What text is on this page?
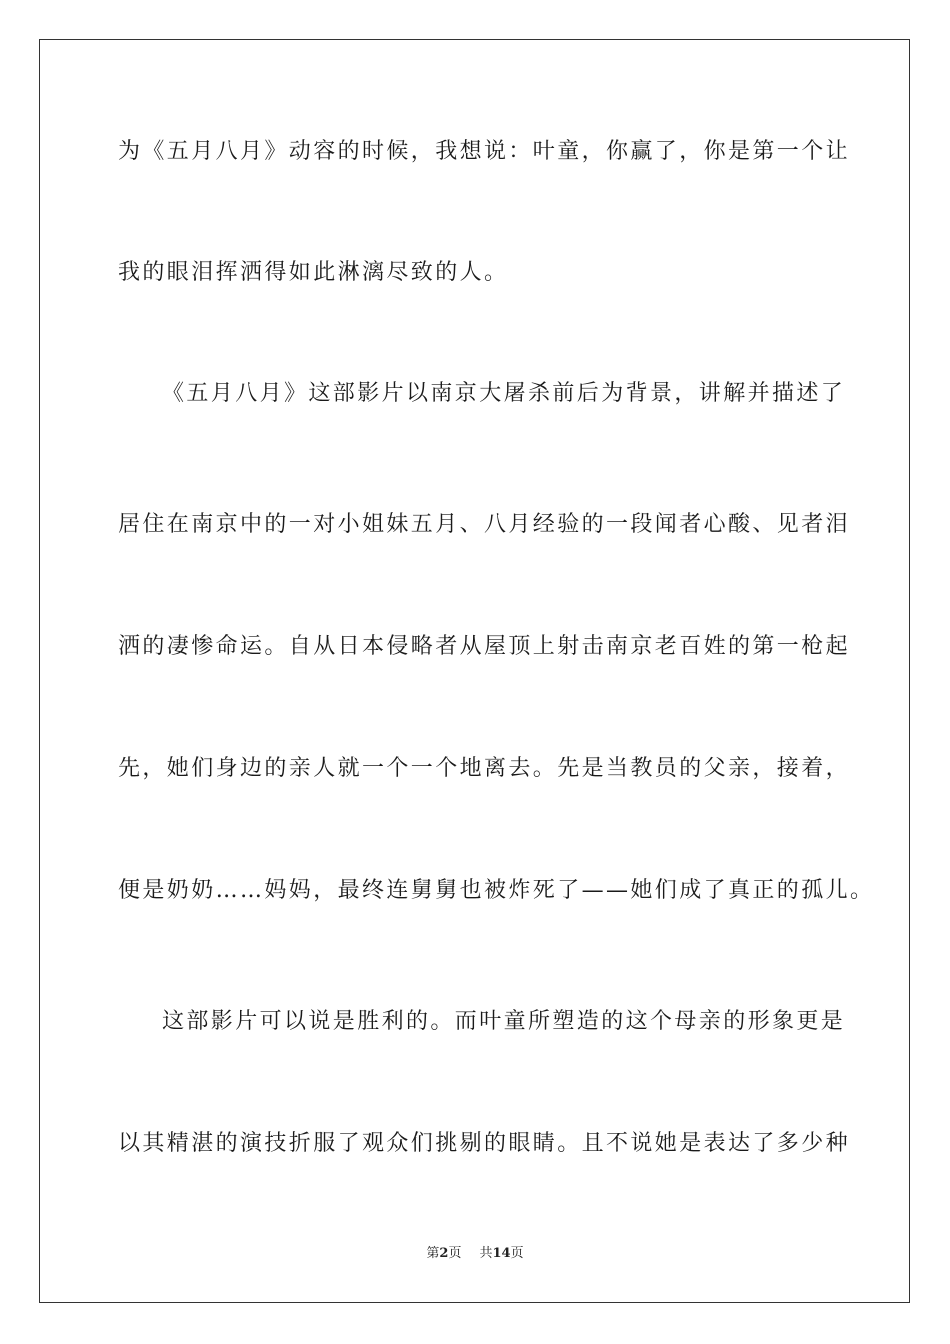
为《五月八月》动容的时候，我想说：叶童，你赢了，你是第一个让
我的眼泪挥洒得如此淋漓尽致的人。
《五月八月》这部影片以南京大屠杀前后为背景，讲解并描述了
居住在南京中的一对小姐妹五月、八月经验的一段闻者心酸、见者泪
洒的凄惨命运。自从日本侵略者从屋顶上射击南京老百姓的第一枪起
先，她们身边的亲人就一个一个地离去。先是当教员的父亲，接着，
便是奶奶……妈妈，最终连舅舅也被炸死了——她们成了真正的孤儿。
这部影片可以说是胜利的。而叶童所塑造的这个母亲的形象更是
以其精湛的演技折服了观众们挑剔的眼睛。且不说她是表达了多少种
第2页 共14页
